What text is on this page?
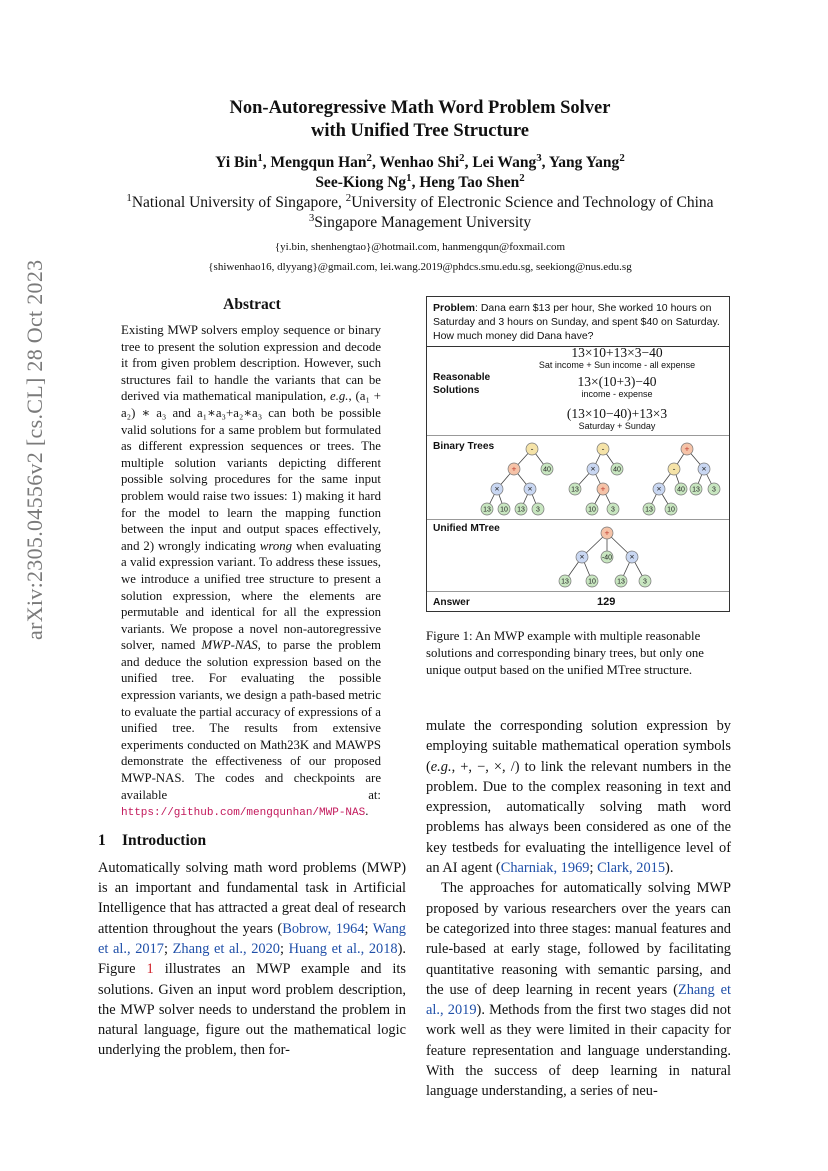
arXiv:2305.04556v2 [cs.CL] 28 Oct 2023
Non-Autoregressive Math Word Problem Solver
with Unified Tree Structure
Yi Bin$^1$, Mengqun Han$^2$, Wenhao Shi$^2$, Lei Wang$^3$, Yang Yang$^2$
See-Kiong Ng$^1$, Heng Tao Shen$^2$
$^1$National University of Singapore, $^2$University of Electronic Science and Technology of China
$^3$Singapore Management University
{yi.bin, shenhengtao}@hotmail.com, hanmengqun@foxmail.com
{shiwenhao16, dlyyang}@gmail.com, lei.wang.2019@phdcs.smu.edu.sg, seekiong@nus.edu.sg
Abstract
Existing MWP solvers employ sequence or binary tree to present the solution expression and decode it from given problem description. However, such structures fail to handle the variants that can be derived via mathematical manipulation, e.g., (a₁ + a₂) ∗ a₃ and a₁∗a₃+a₂∗a₃ can both be possible valid solutions for a same problem but formulated as different expression sequences or trees. The multiple solution variants depicting different possible solving procedures for the same input problem would raise two issues: 1) making it hard for the model to learn the mapping function between the input and output spaces effectively, and 2) wrongly indicating wrong when evaluating a valid expression variant. To address these issues, we introduce a unified tree structure to present a solution expression, where the elements are permutable and identical for all the expression variants. We propose a novel non-autoregressive solver, named MWP-NAS, to parse the problem and deduce the solution expression based on the unified tree. For evaluating the possible expression variants, we design a path-based metric to evaluate the partial accuracy of expressions of a unified tree. The results from extensive experiments conducted on Math23K and MAWPS demonstrate the effectiveness of our proposed MWP-NAS. The codes and checkpoints are available at: https://github.com/mengqunhan/MWP-NAS.
1 Introduction
Automatically solving math word problems (MWP) is an important and fundamental task in Artificial Intelligence that has attracted a great deal of research attention throughout the years (Bobrow, 1964; Wang et al., 2017; Zhang et al., 2020; Huang et al., 2018). Figure 1 illustrates an MWP example and its solutions. Given an input word problem description, the MWP solver needs to understand the problem in natural language, figure out the mathematical logic underlying the problem, then for-
Problem: Dana earn $13 per hour, She worked 10 hours on Saturday and 3 hours on Sunday, and spent $40 on Saturday. How much money did Dana have?
Reasonable Solutions
13×10+13×3−40
Sat income + Sun income - all expense
13×(10+3)−40
income - expense
(13×10−40)+13×3
Saturday + Sunday
Binary Trees
Unified MTree
Answer	129
-
+	40
×	×
13 10 13 3
-
×	40
13	+
10 3
+
-	×
× 40 13 3
13 10
+
× -40 ×
13	10	13	3
Figure 1: An MWP example with multiple reasonable solutions and corresponding binary trees, but only one unique output based on the unified MTree structure.
mulate the corresponding solution expression by employing suitable mathematical operation symbols (e.g., +, −, ×, /) to link the relevant numbers in the problem. Due to the complex reasoning in text and expression, automatically solving math word problems has always been considered as one of the key testbeds for evaluating the intelligence level of an AI agent (Charniak, 1969; Clark, 2015).
The approaches for automatically solving MWP proposed by various researchers over the years can be categorized into three stages: manual features and rule-based at early stage, followed by facilitating quantitative reasoning with semantic parsing, and the use of deep learning in recent years (Zhang et al., 2019). Methods from the first two stages did not work well as they were limited in their capacity for feature representation and language understanding. With the success of deep learning in natural language understanding, a series of neu-
